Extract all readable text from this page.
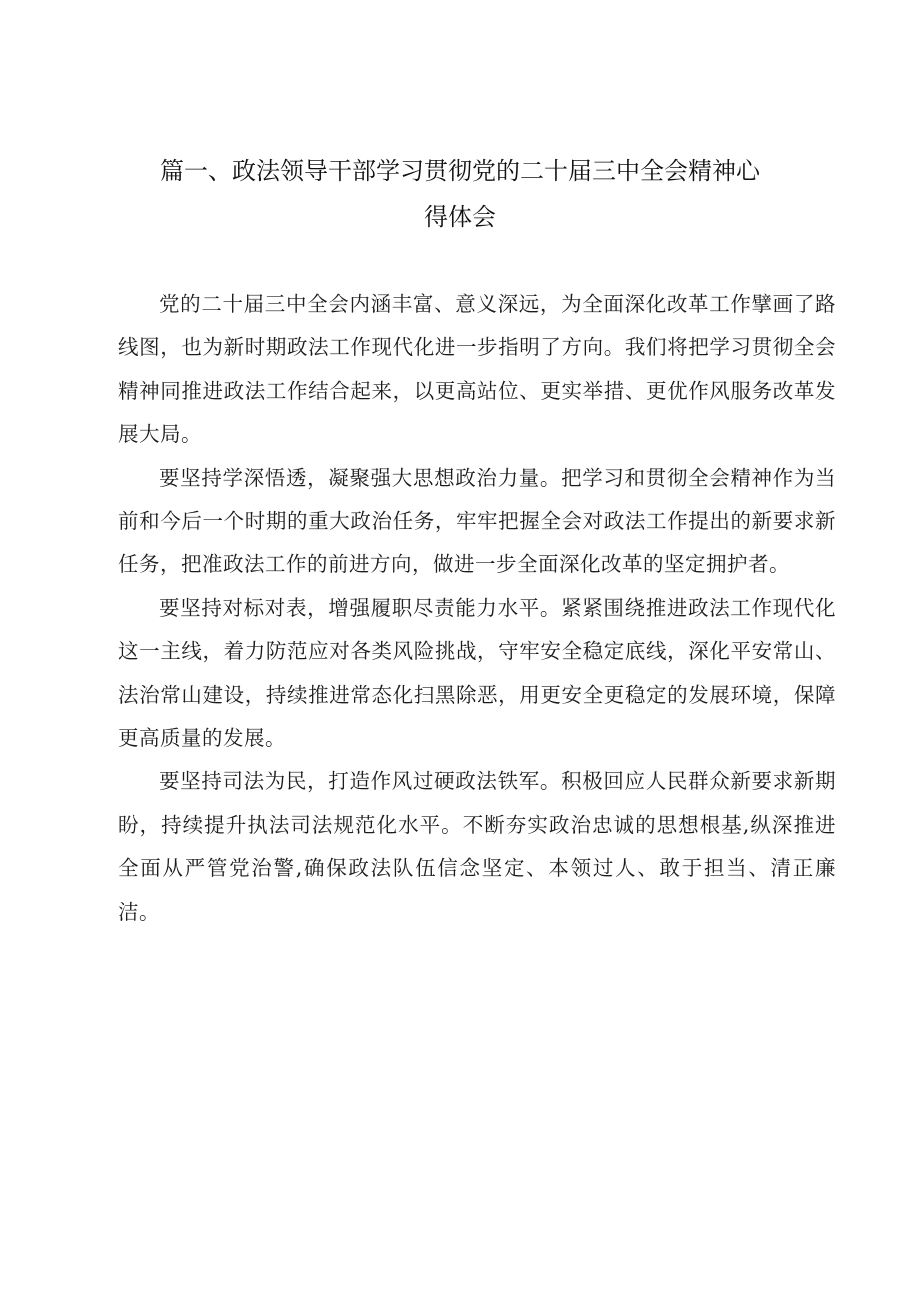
篇一、政法领导干部学习贯彻党的二十届三中全会精神心
得体会

党的二十届三中全会内涵丰富、意义深远，为全面深化改革工作擘画了路线图，也为新时期政法工作现代化进一步指明了方向。我们将把学习贯彻全会精神同推进政法工作结合起来，以更高站位、更实举措、更优作风服务改革发展大局。

要坚持学深悟透，凝聚强大思想政治力量。把学习和贯彻全会精神作为当前和今后一个时期的重大政治任务，牢牢把握全会对政法工作提出的新要求新任务，把准政法工作的前进方向，做进一步全面深化改革的坚定拥护者。

要坚持对标对表，增强履职尽责能力水平。紧紧围绕推进政法工作现代化这一主线，着力防范应对各类风险挑战，守牢安全稳定底线，深化平安常山、法治常山建设，持续推进常态化扫黑除恶，用更安全更稳定的发展环境，保障更高质量的发展。

要坚持司法为民，打造作风过硬政法铁军。积极回应人民群众新要求新期盼，持续提升执法司法规范化水平。不断夯实政治忠诚的思想根基,纵深推进全面从严管党治警,确保政法队伍信念坚定、本领过人、敢于担当、清正廉洁。
